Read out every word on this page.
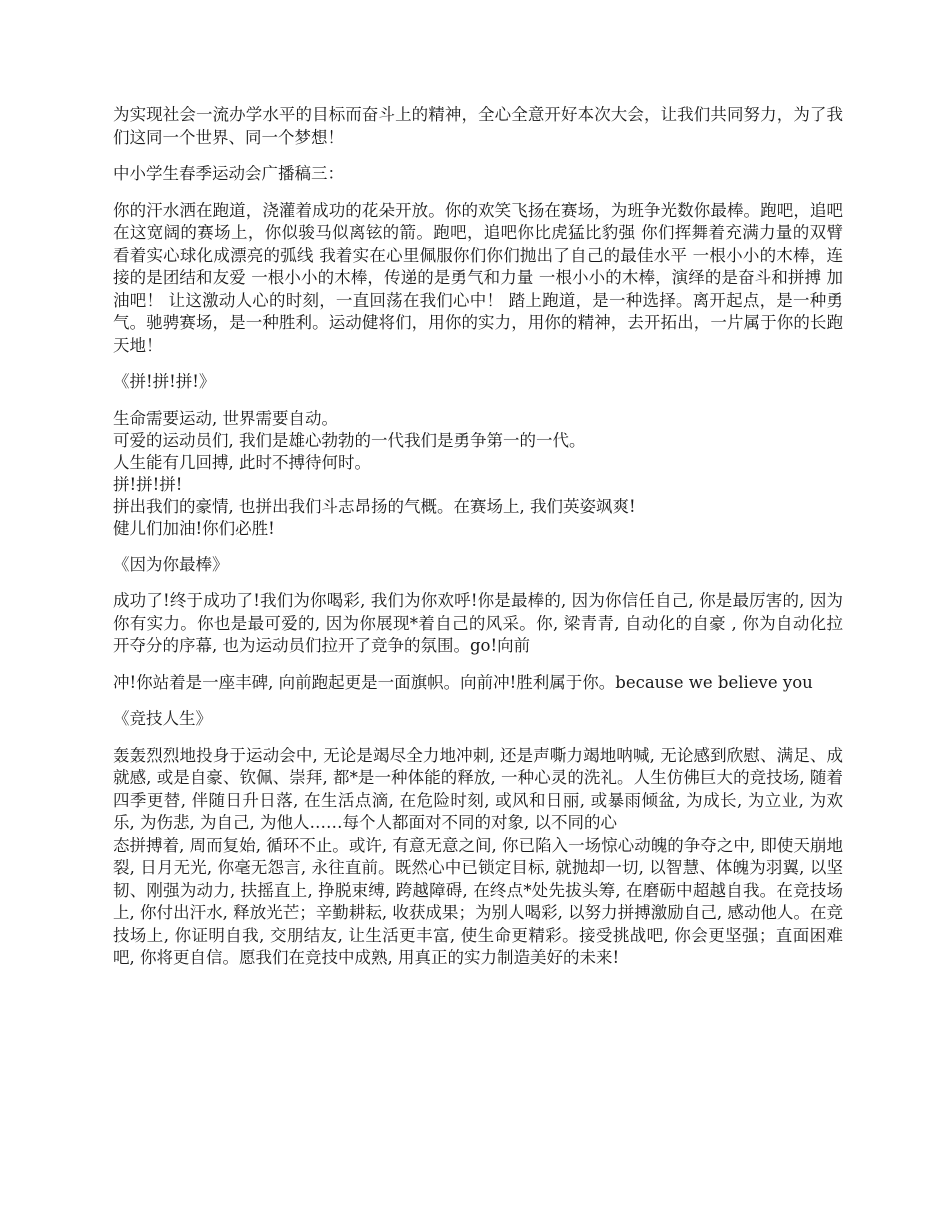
为实现社会一流办学水平的目标而奋斗上的精神，全心全意开好本次大会，让我们共同努力，为了我们这同一个世界、同一个梦想！

中小学生春季运动会广播稿三：

你的汗水洒在跑道，浇灌着成功的花朵开放。你的欢笑飞扬在赛场，为班争光数你最棒。跑吧，追吧 在这宽阔的赛场上，你似骏马似离铉的箭。跑吧，追吧你比虎猛比豹强 你们挥舞着充满力量的双臂 看着实心球化成漂亮的弧线 我着实在心里佩服你们你们抛出了自己的最佳水平 一根小小的木棒，连接的是团结和友爱 一根小小的木棒，传递的是勇气和力量 一根小小的木棒，演绎的是奋斗和拼搏 加油吧！ 让这激动人心的时刻，一直回荡在我们心中！ 踏上跑道，是一种选择。离开起点，是一种勇气。驰骋赛场，是一种胜利。运动健将们，用你的实力，用你的精神，去开拓出，一片属于你的长跑天地！

《拼!拼!拼!》

生命需要运动, 世界需要自动。
可爱的运动员们, 我们是雄心勃勃的一代我们是勇争第一的一代。
人生能有几回搏, 此时不搏待何时。
拼!拼!拼!
拼出我们的豪情, 也拼出我们斗志昂扬的气概。在赛场上, 我们英姿飒爽!
健儿们加油!你们必胜!

《因为你最棒》

成功了!终于成功了!我们为你喝彩, 我们为你欢呼!你是最棒的, 因为你信任自己, 你是最厉害的, 因为你有实力。你也是最可爱的, 因为你展现*着自己的风采。你, 梁青青, 自动化的自豪 , 你为自动化拉开夺分的序幕, 也为运动员们拉开了竞争的氛围。go!向前

冲!你站着是一座丰碑, 向前跑起更是一面旗帜。向前冲!胜利属于你。because we believe you

《竞技人生》

轰轰烈烈地投身于运动会中, 无论是竭尽全力地冲刺, 还是声嘶力竭地呐喊, 无论感到欣慰、满足、成就感, 或是自豪、钦佩、崇拜, 都*是一种体能的释放, 一种心灵的洗礼。人生仿佛巨大的竞技场, 随着四季更替, 伴随日升日落, 在生活点滴, 在危险时刻, 或风和日丽, 或暴雨倾盆, 为成长, 为立业, 为欢乐, 为伤悲, 为自己, 为他人……每个人都面对不同的对象, 以不同的心

态拼搏着, 周而复始, 循环不止。或许, 有意无意之间, 你已陷入一场惊心动魄的争夺之中, 即使天崩地裂, 日月无光, 你毫无怨言, 永往直前。既然心中已锁定目标, 就抛却一切, 以智慧、体魄为羽翼, 以坚韧、刚强为动力, 扶摇直上, 挣脱束缚, 跨越障碍, 在终点*处先拔头筹, 在磨砺中超越自我。在竞技场上, 你付出汗水, 释放光芒；辛勤耕耘, 收获成果；为别人喝彩, 以努力拼搏激励自己, 感动他人。在竞技场上, 你证明自我, 交朋结友, 让生活更丰富, 使生命更精彩。接受挑战吧, 你会更坚强；直面困难吧, 你将更自信。愿我们在竞技中成熟, 用真正的实力制造美好的未来!
